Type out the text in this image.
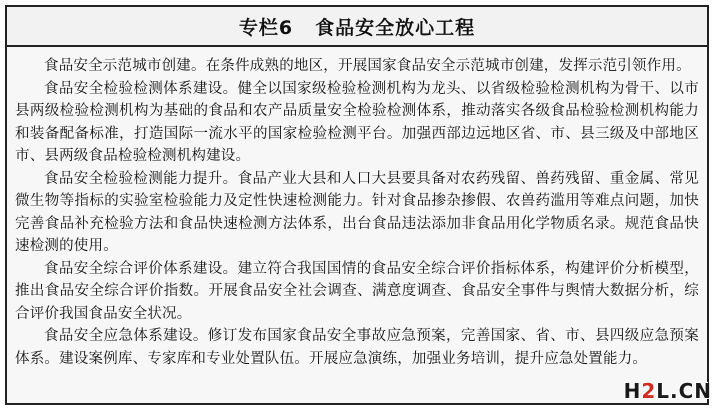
专栏6 食品安全放心工程

食品安全示范城市创建。在条件成熟的地区，开展国家食品安全示范城市创建，发挥示范引领作用。

食品安全检验检测体系建设。健全以国家级检验检测机构为龙头、以省级检验检测机构为骨干、以市县两级检验检测机构为基础的食品和农产品质量安全检验检测体系，推动落实各级食品检验检测机构能力和装备配备标准，打造国际一流水平的国家检验检测平台。加强西部边远地区省、市、县三级及中部地区市、县两级食品检验检测机构建设。

食品安全检验检测能力提升。食品产业大县和人口大县要具备对农药残留、兽药残留、重金属、常见微生物等指标的实验室检验能力及定性快速检测能力。针对食品掺杂掺假、农兽药滥用等难点问题，加快完善食品补充检验方法和食品快速检测方法体系，出台食品违法添加非食品用化学物质名录。规范食品快速检测的使用。

食品安全综合评价体系建设。建立符合我国国情的食品安全综合评价指标体系，构建评价分析模型，推出食品安全综合评价指数。开展食品安全社会调查、满意度调查、食品安全事件与舆情大数据分析，综合评价我国食品安全状况。

食品安全应急体系建设。修订发布国家食品安全事故应急预案，完善国家、省、市、县四级应急预案体系。建设案例库、专家库和专业处置队伍。开展应急演练，加强业务培训，提升应急处置能力。

H2L.CN
